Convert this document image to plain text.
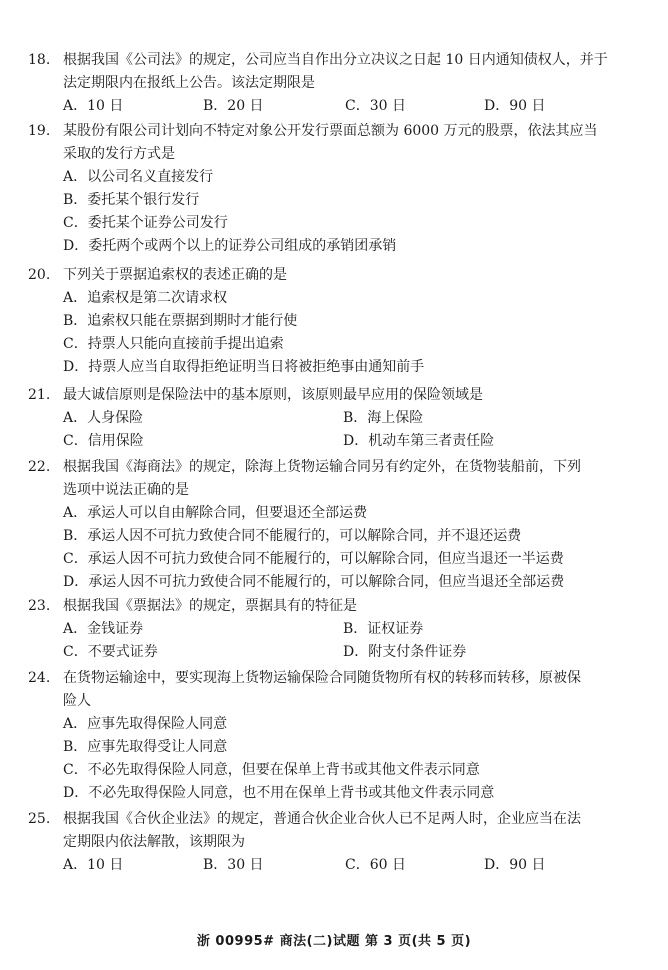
18. 根据我国《公司法》的规定，公司应当自作出分立决议之日起 10 日内通知债权人，并于
法定期限内在报纸上公告。该法定期限是
A．10 日	B．20 日	C．30 日	D．90 日
19. 某股份有限公司计划向不特定对象公开发行票面总额为 6000 万元的股票，依法其应当
采取的发行方式是
A．以公司名义直接发行
B．委托某个银行发行
C．委托某个证券公司发行
D．委托两个或两个以上的证券公司组成的承销团承销
20. 下列关于票据追索权的表述正确的是
A．追索权是第二次请求权
B．追索权只能在票据到期时才能行使
C．持票人只能向直接前手提出追索
D．持票人应当自取得拒绝证明当日将被拒绝事由通知前手
21. 最大诚信原则是保险法中的基本原则，该原则最早应用的保险领域是
A．人身保险	B．海上保险
C．信用保险	D．机动车第三者责任险
22. 根据我国《海商法》的规定，除海上货物运输合同另有约定外，在货物装船前，下列
选项中说法正确的是
A．承运人可以自由解除合同，但要退还全部运费
B．承运人因不可抗力致使合同不能履行的，可以解除合同，并不退还运费
C．承运人因不可抗力致使合同不能履行的，可以解除合同，但应当退还一半运费
D．承运人因不可抗力致使合同不能履行的，可以解除合同，但应当退还全部运费
23. 根据我国《票据法》的规定，票据具有的特征是
A．金钱证券	B．证权证券
C．不要式证券	D．附支付条件证券
24. 在货物运输途中，要实现海上货物运输保险合同随货物所有权的转移而转移，原被保
险人
A．应事先取得保险人同意
B．应事先取得受让人同意
C．不必先取得保险人同意，但要在保单上背书或其他文件表示同意
D．不必先取得保险人同意，也不用在保单上背书或其他文件表示同意
25. 根据我国《合伙企业法》的规定，普通合伙企业合伙人已不足两人时，企业应当在法
定期限内依法解散，该期限为
A．10 日	B．30 日	C．60 日	D．90 日
浙 00995# 商法(二)试题 第 3 页(共 5 页)
